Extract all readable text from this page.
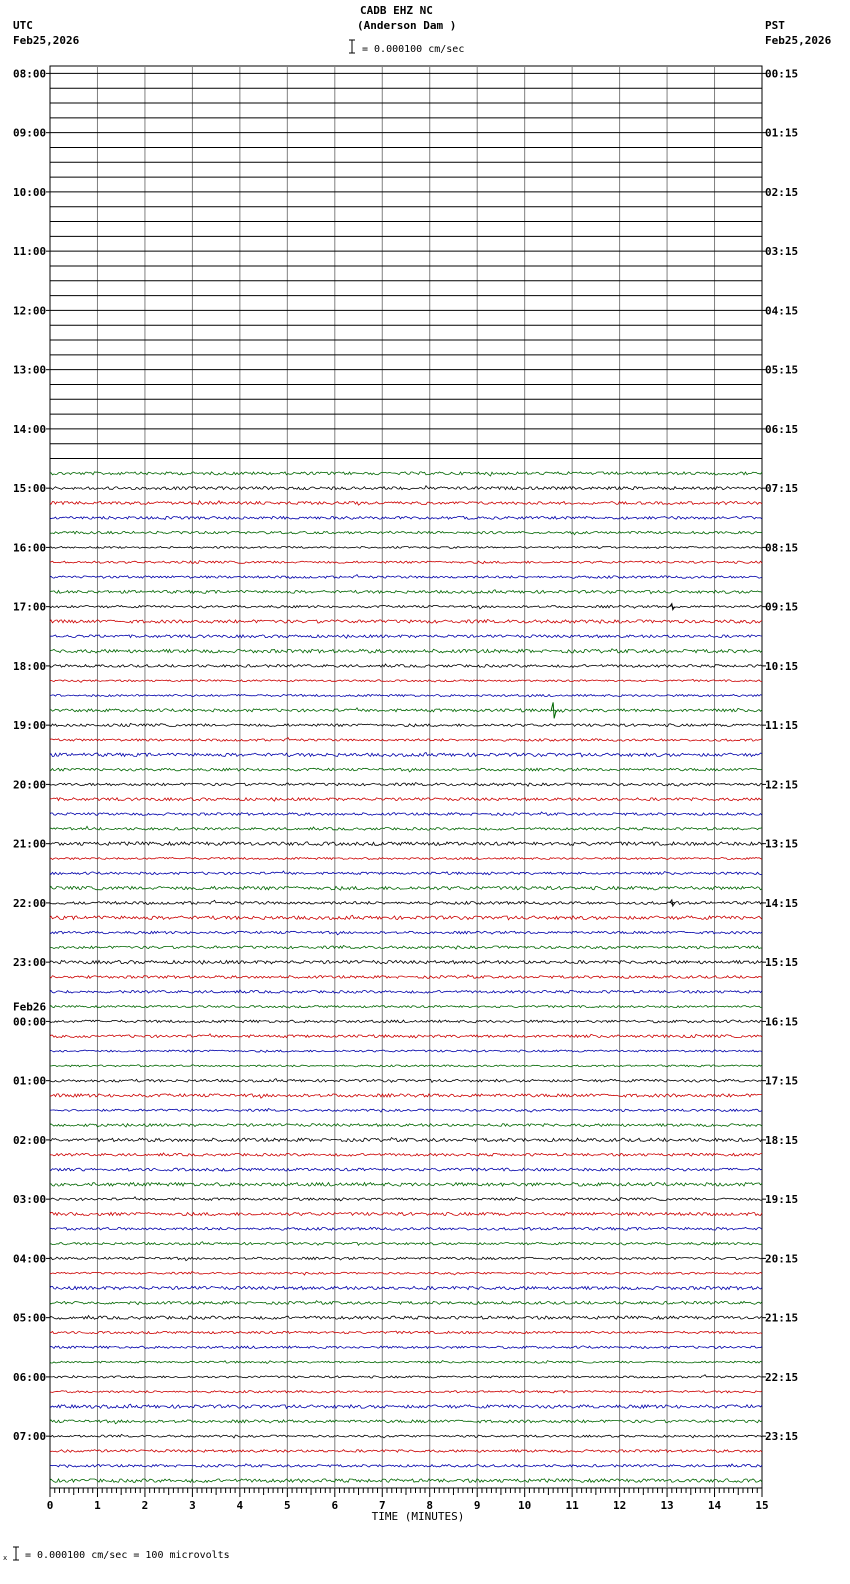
CADB EHZ NC
(Anderson Dam )
UTC
Feb25,2026
PST
Feb25,2026
= 0.000100 cm/sec
08:00
09:00
10:00
11:00
12:00
13:00
14:00
15:00
16:00
17:00
18:00
19:00
20:00
21:00
22:00
23:00
00:00
01:00
02:00
03:00
04:00
05:00
06:00
07:00
00:15
01:15
02:15
03:15
04:15
05:15
06:15
07:15
08:15
09:15
10:15
11:15
12:15
13:15
14:15
15:15
16:15
17:15
18:15
19:15
20:15
21:15
22:15
23:15
Feb26
0	1	2	3	4	5	6	7	8	9	10	11	12	13	14	15
TIME (MINUTES)
x = 0.000100 cm/sec = 100 microvolts
